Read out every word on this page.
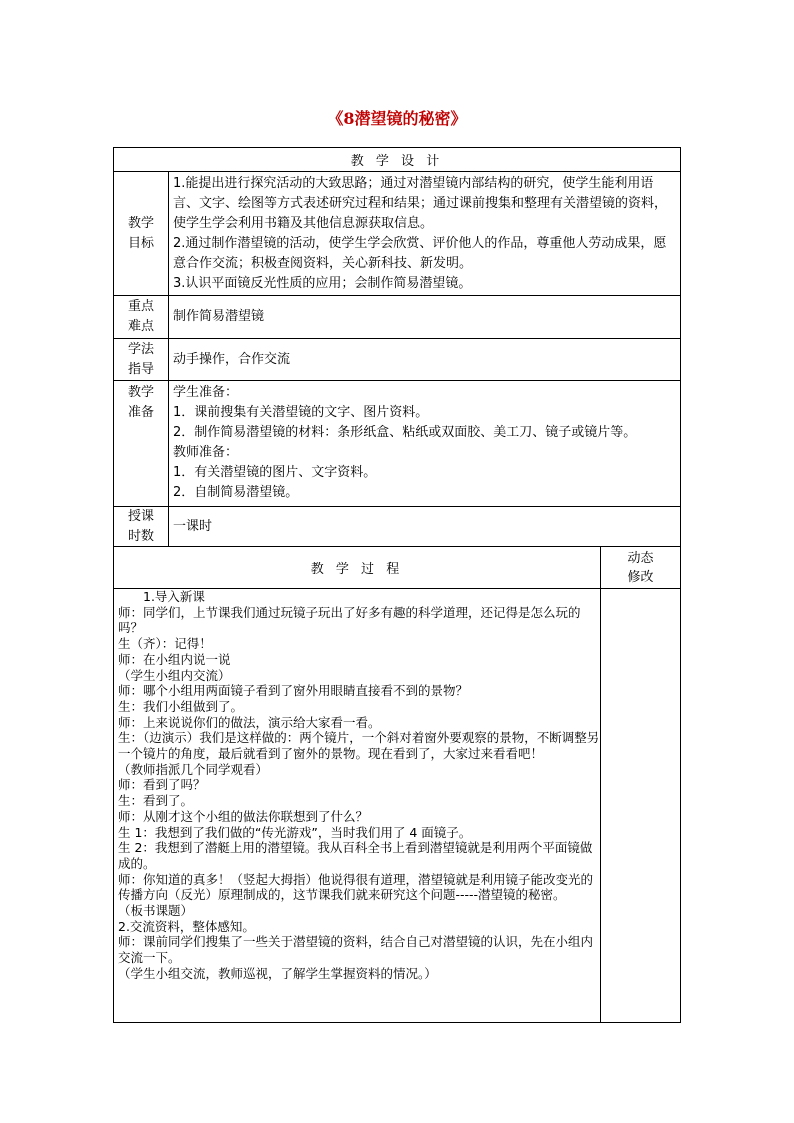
《8潜望镜的秘密》
教 学 设 计
教学
目标
1.能提出进行探究活动的大致思路；通过对潜望镜内部结构的研究，使学生能利用语言、文字、绘图等方式表述研究过程和结果；通过课前搜集和整理有关潜望镜的资料，使学生学会利用书籍及其他信息源获取信息。
2.通过制作潜望镜的活动，使学生学会欣赏、评价他人的作品，尊重他人劳动成果，愿意合作交流；积极查阅资料，关心新科技、新发明。
3.认识平面镜反光性质的应用；会制作简易潜望镜。
重点
难点
制作简易潜望镜
学法
指导
动手操作，合作交流
教学
准备
学生准备：
1．课前搜集有关潜望镜的文字、图片资料。
2．制作简易潜望镜的材料：条形纸盒、粘纸或双面胶、美工刀、镜子或镜片等。
教师准备：
1．有关潜望镜的图片、文字资料。
2．自制简易潜望镜。
授课
时数
一课时
教 学 过 程
动态
修改
　　1.导入新课
师：同学们，上节课我们通过玩镜子玩出了好多有趣的科学道理，还记得是怎么玩的吗？
生（齐）：记得！
师：在小组内说一说
（学生小组内交流）
师：哪个小组用两面镜子看到了窗外用眼睛直接看不到的景物？
生：我们小组做到了。
师：上来说说你们的做法，演示给大家看一看。
生：（边演示）我们是这样做的：两个镜片，一个斜对着窗外要观察的景物，不断调整另一个镜片的角度，最后就看到了窗外的景物。现在看到了，大家过来看看吧！
（教师指派几个同学观看）
师：看到了吗？
生：看到了。
师：从刚才这个小组的做法你联想到了什么？
生 1：我想到了我们做的“传光游戏”，当时我们用了 4 面镜子。
生 2：我想到了潜艇上用的潜望镜。我从百科全书上看到潜望镜就是利用两个平面镜做成的。
师：你知道的真多！（竖起大拇指）他说得很有道理，潜望镜就是利用镜子能改变光的传播方向（反光）原理制成的，这节课我们就来研究这个问题-----潜望镜的秘密。
（板书课题）
2.交流资料，整体感知。
师：课前同学们搜集了一些关于潜望镜的资料，结合自己对潜望镜的认识，先在小组内交流一下。
（学生小组交流，教师巡视，了解学生掌握资料的情况。）
